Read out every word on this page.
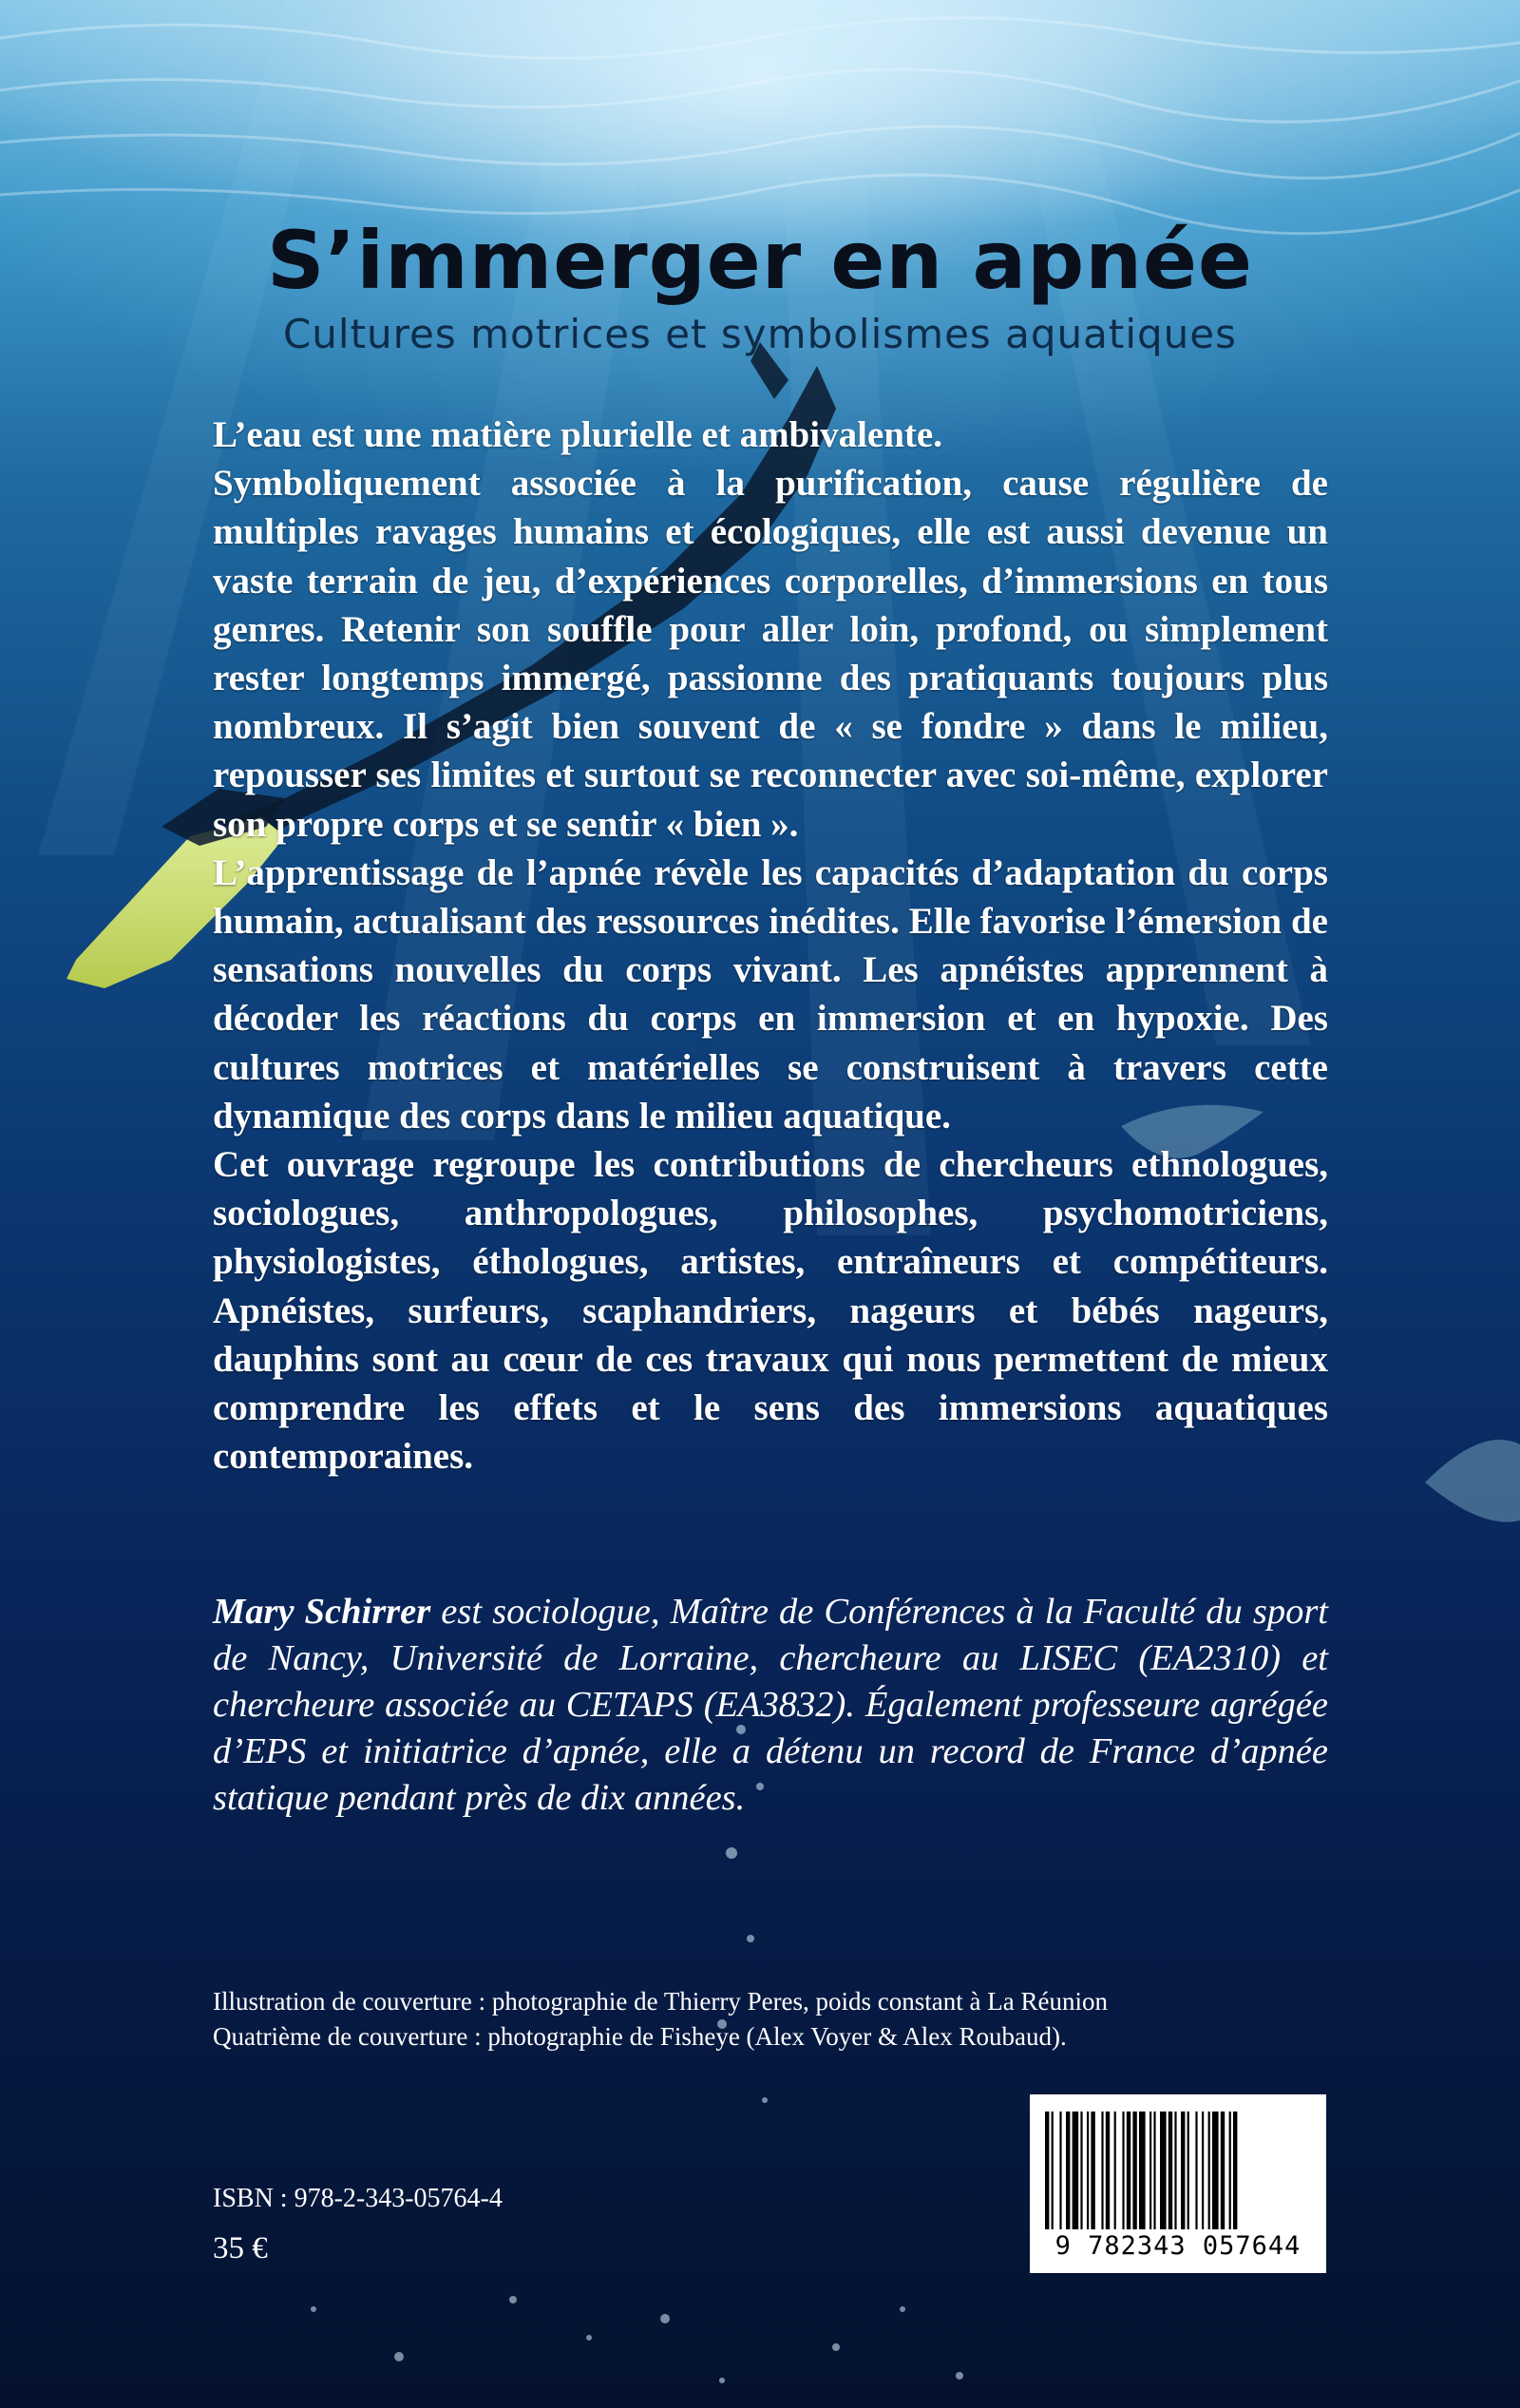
S’immerger en apnée
Cultures motrices et symbolismes aquatiques

L’eau est une matière plurielle et ambivalente.

Symboliquement associée à la purification, cause régulière de multiples ravages humains et écologiques, elle est aussi devenue un vaste terrain de jeu, d’expériences corporelles, d’immersions en tous genres. Retenir son souffle pour aller loin, profond, ou simplement rester longtemps immergé, passionne des pratiquants toujours plus nombreux. Il s’agit bien souvent de « se fondre » dans le milieu, repousser ses limites et surtout se reconnecter avec soi-même, explorer son propre corps et se sentir « bien ».

L’apprentissage de l’apnée révèle les capacités d’adaptation du corps humain, actualisant des ressources inédites. Elle favorise l’émersion de sensations nouvelles du corps vivant. Les apnéistes apprennent à décoder les réactions du corps en immersion et en hypoxie. Des cultures motrices et matérielles se construisent à travers cette dynamique des corps dans le milieu aquatique.

Cet ouvrage regroupe les contributions de chercheurs ethnologues, sociologues, anthropologues, philosophes, psychomotriciens, physiologistes, éthologues, artistes, entraîneurs et compétiteurs. Apnéistes, surfeurs, scaphandriers, nageurs et bébés nageurs, dauphins sont au cœur de ces travaux qui nous permettent de mieux comprendre les effets et le sens des immersions aquatiques contemporaines.

Mary Schirrer est sociologue, Maître de Conférences à la Faculté du sport de Nancy, Université de Lorraine, chercheure au LISEC (EA2310) et chercheure associée au CETAPS (EA3832). Également professeure agrégée d’EPS et initiatrice d’apnée, elle a détenu un record de France d’apnée statique pendant près de dix années.

Illustration de couverture : photographie de Thierry Peres, poids constant à La Réunion
Quatrième de couverture : photographie de Fisheye (Alex Voyer & Alex Roubaud).
ISBN : 978-2-343-05764-4
35 €	9 782343 057644
